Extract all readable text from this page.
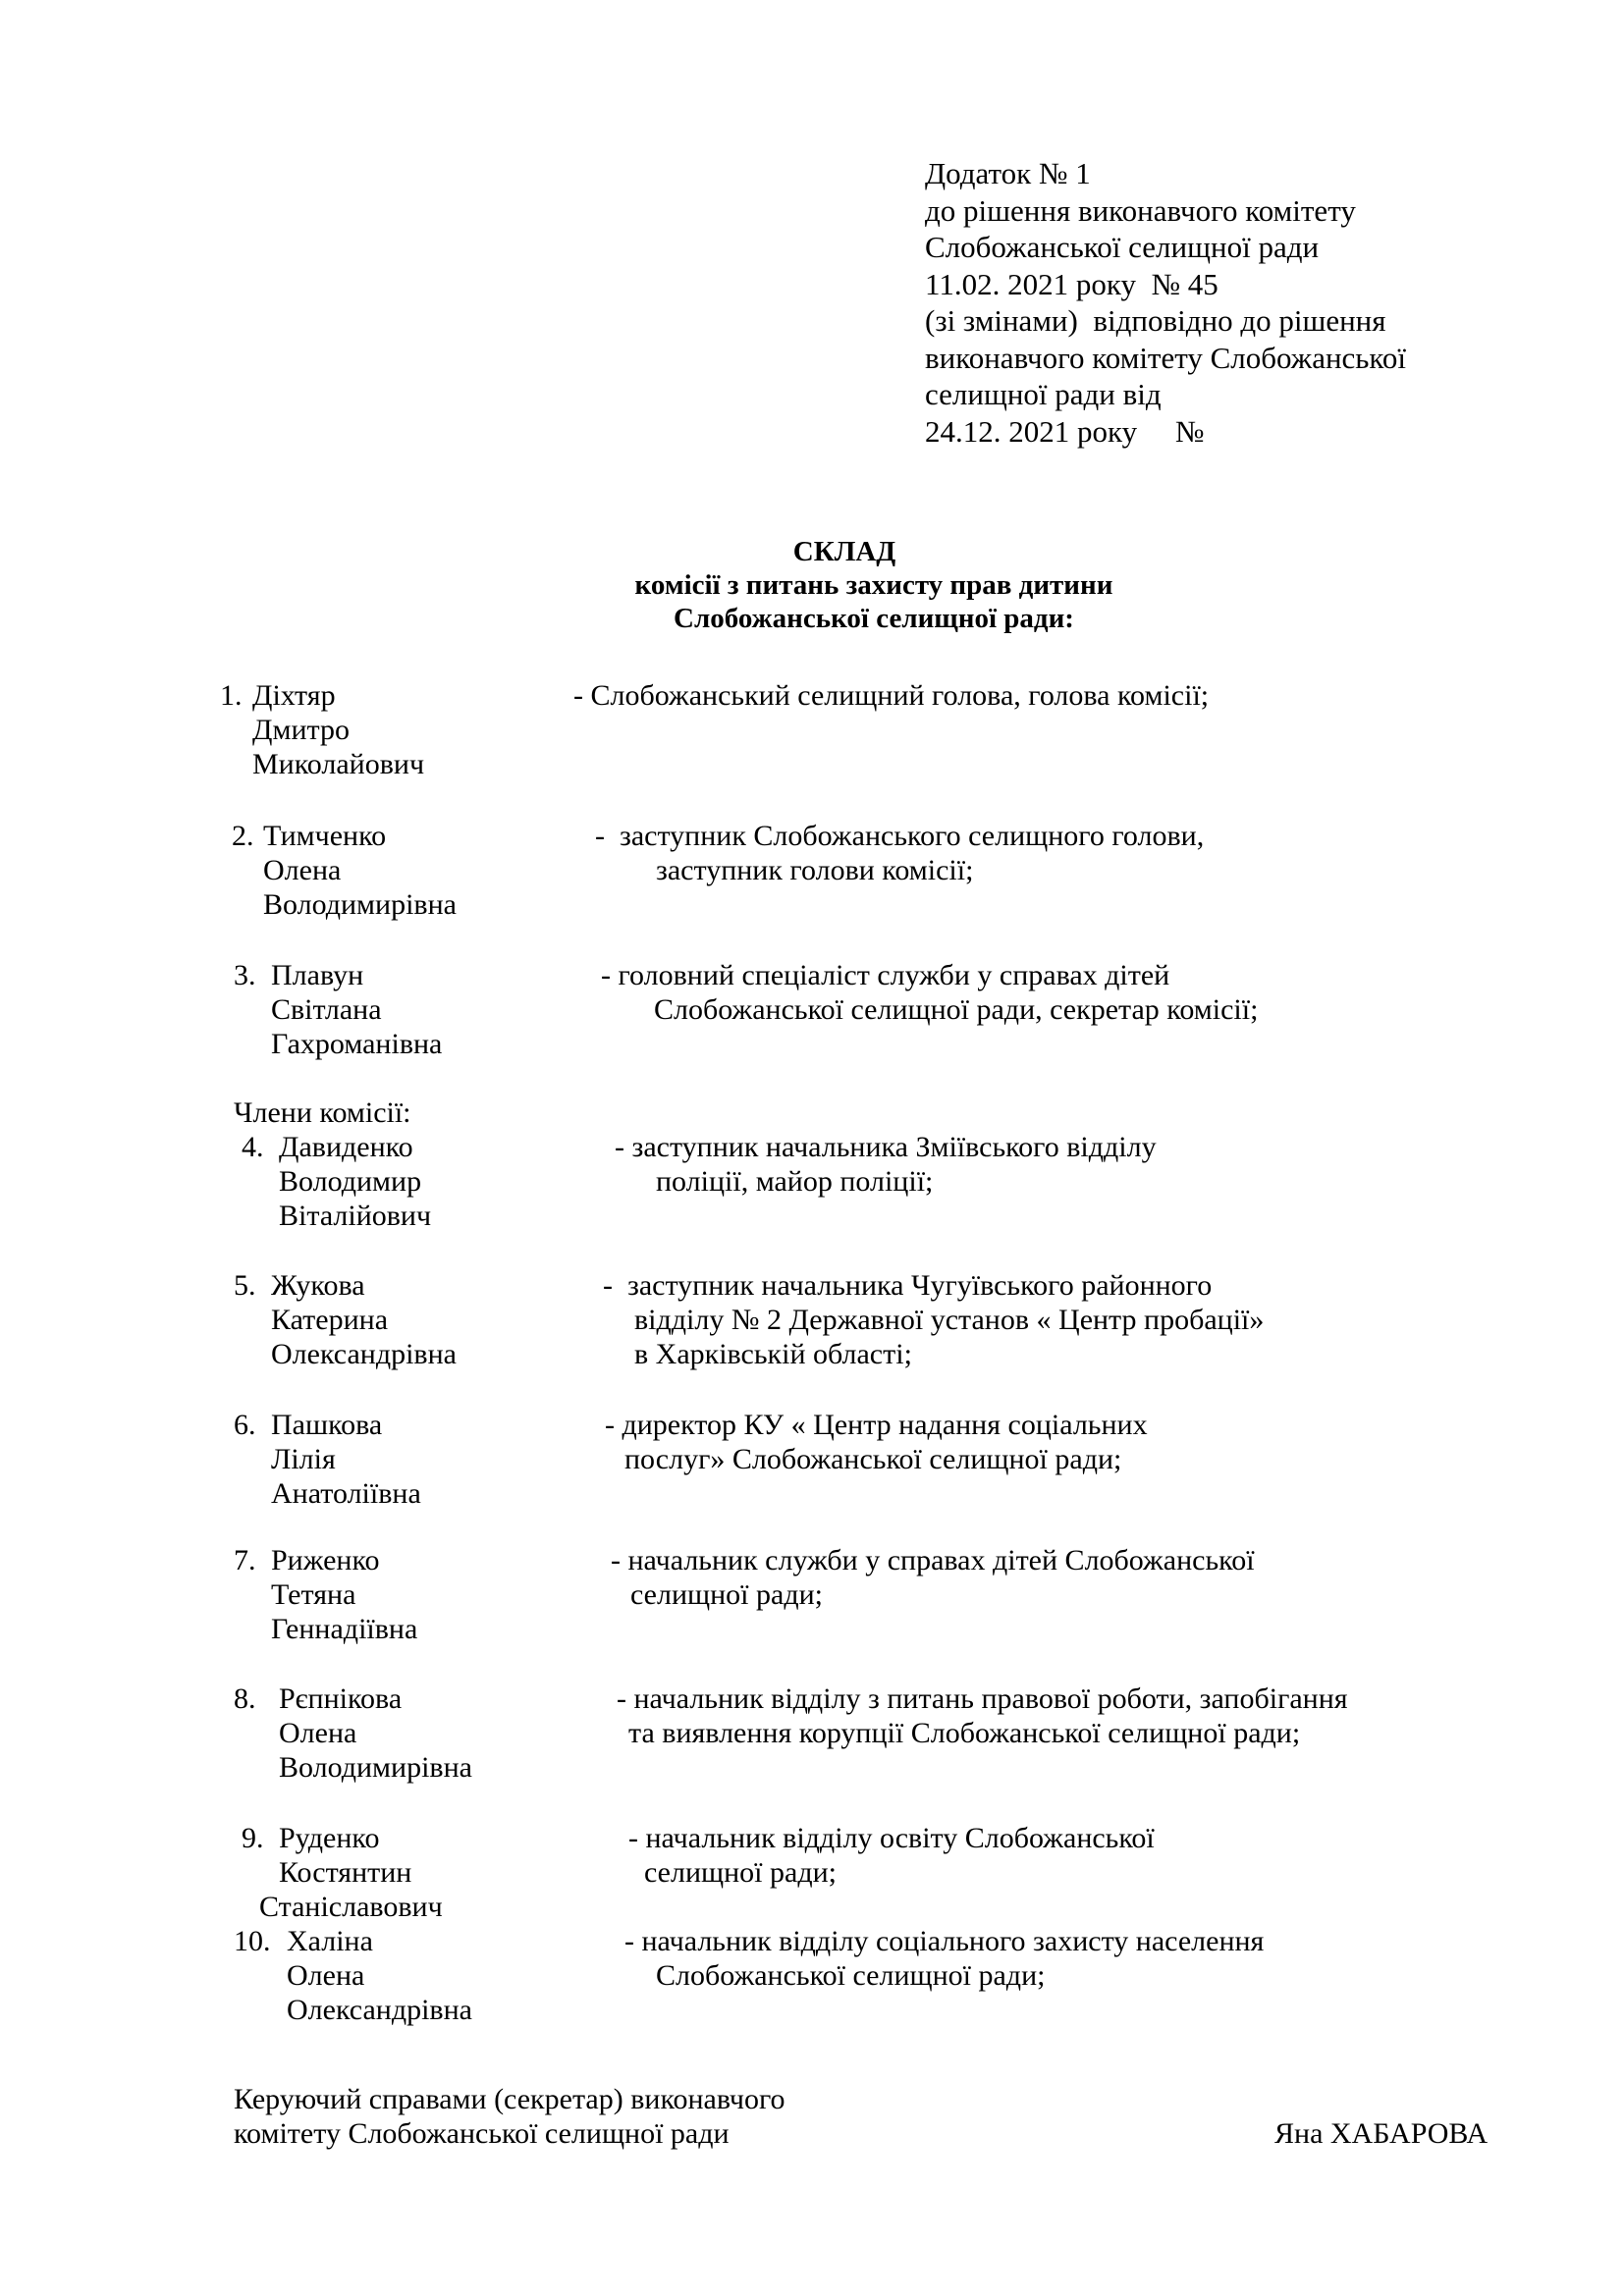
Додаток № 1
до рішення виконавчого комітету
Слобожанської селищної ради
11.02. 2021 року  № 45
(зі змінами)  відповідно до рішення
виконавчого комітету Слобожанської
селищної ради від
24.12. 2021 року     №
СКЛАД
комісії з питань захисту прав дитини
Слобожанської селищної ради:
1. Діхтяр
Дмитро
Миколайович
- Слобожанський селищний голова, голова комісії;
2. Тимченко
Олена
Володимирівна
-  заступник Слобожанського селищного голови,
заступник голови комісії;
3. Плавун
Світлана
Гахроманівна
- головний спеціаліст служби у справах дітей
Слобожанської селищної ради, секретар комісії;
Члени комісії:
4. Давиденко
Володимир
Віталійович
- заступник начальника Зміївського відділу
поліції, майор поліції;
5. Жукова
Катерина
Олександрівна
-  заступник начальника Чугуївського районного
відділу № 2 Державної установ « Центр пробації»
в Харківській області;
6. Пашкова
Лілія
Анатоліївна
- директор КУ « Центр надання соціальних
послуг» Слобожанської селищної ради;
7. Риженко
Тетяна
Геннадіївна
- начальник служби у справах дітей Слобожанської
селищної ради;
8. Рєпнікова
Олена
Володимирівна
- начальник відділу з питань правової роботи, запобігання
та виявлення корупції Слобожанської селищної ради;
9. Руденко
Костянтин
Станіславович
- начальник відділу освіту Слобожанської
селищної ради;
10. Халіна
Олена
Олександрівна
- начальник відділу соціального захисту населення
Слобожанської селищної ради;
Керуючий справами (секретар) виконавчого
комітету Слобожанської селищної ради	Яна ХАБАРОВА
